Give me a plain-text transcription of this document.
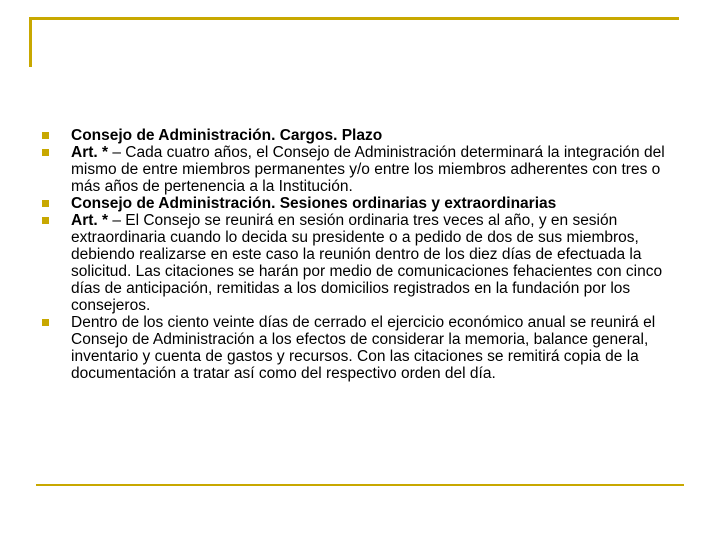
Consejo de Administración. Cargos. Plazo
Art. * – Cada cuatro años, el Consejo de Administración determinará la integración del mismo de entre miembros permanentes y/o entre los miembros adherentes con tres o más años de pertenencia a la Institución.
Consejo de Administración. Sesiones ordinarias y extraordinarias
Art. * – El Consejo se reunirá en sesión ordinaria tres veces al año, y en sesión extraordinaria cuando lo decida su presidente o a pedido de dos de sus miembros, debiendo realizarse en este caso la reunión dentro de los diez días de efectuada la solicitud. Las citaciones se harán por medio de comunicaciones fehacientes con cinco días de anticipación, remitidas a los domicilios registrados en la fundación por los consejeros.
Dentro de los ciento veinte días de cerrado el ejercicio económico anual se reunirá el Consejo de Administración a los efectos de considerar la memoria, balance general, inventario y cuenta de gastos y recursos. Con las citaciones se remitirá copia de la documentación a tratar así como del respectivo orden del día.
